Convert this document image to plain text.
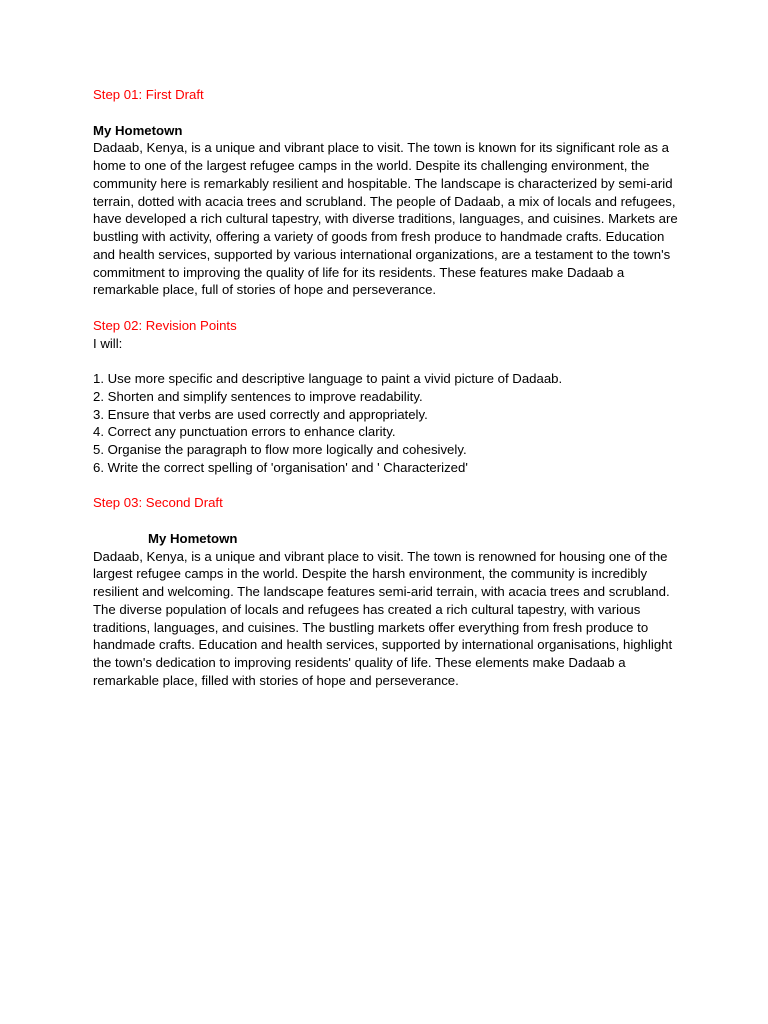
Step 01: First Draft

My Hometown

Dadaab, Kenya, is a unique and vibrant place to visit. The town is known for its significant role as a home to one of the largest refugee camps in the world. Despite its challenging environment, the community here is remarkably resilient and hospitable. The landscape is characterized by semi-arid terrain, dotted with acacia trees and scrubland. The people of Dadaab, a mix of locals and refugees, have developed a rich cultural tapestry, with diverse traditions, languages, and cuisines. Markets are bustling with activity, offering a variety of goods from fresh produce to handmade crafts. Education and health services, supported by various international organizations, are a testament to the town's commitment to improving the quality of life for its residents. These features make Dadaab a remarkable place, full of stories of hope and perseverance.

Step 02: Revision Points

I will:

1. Use more specific and descriptive language to paint a vivid picture of Dadaab.
2. Shorten and simplify sentences to improve readability.
3. Ensure that verbs are used correctly and appropriately.
4. Correct any punctuation errors to enhance clarity.
5. Organise the paragraph to flow more logically and cohesively.
6. Write the correct spelling of 'organisation' and ' Characterized'

Step 03: Second Draft

My Hometown

Dadaab, Kenya, is a unique and vibrant place to visit. The town is renowned for housing one of the largest refugee camps in the world. Despite the harsh environment, the community is incredibly resilient and welcoming. The landscape features semi-arid terrain, with acacia trees and scrubland. The diverse population of locals and refugees has created a rich cultural tapestry, with various traditions, languages, and cuisines. The bustling markets offer everything from fresh produce to handmade crafts. Education and health services, supported by international organisations, highlight the town's dedication to improving residents' quality of life. These elements make Dadaab a remarkable place, filled with stories of hope and perseverance.
